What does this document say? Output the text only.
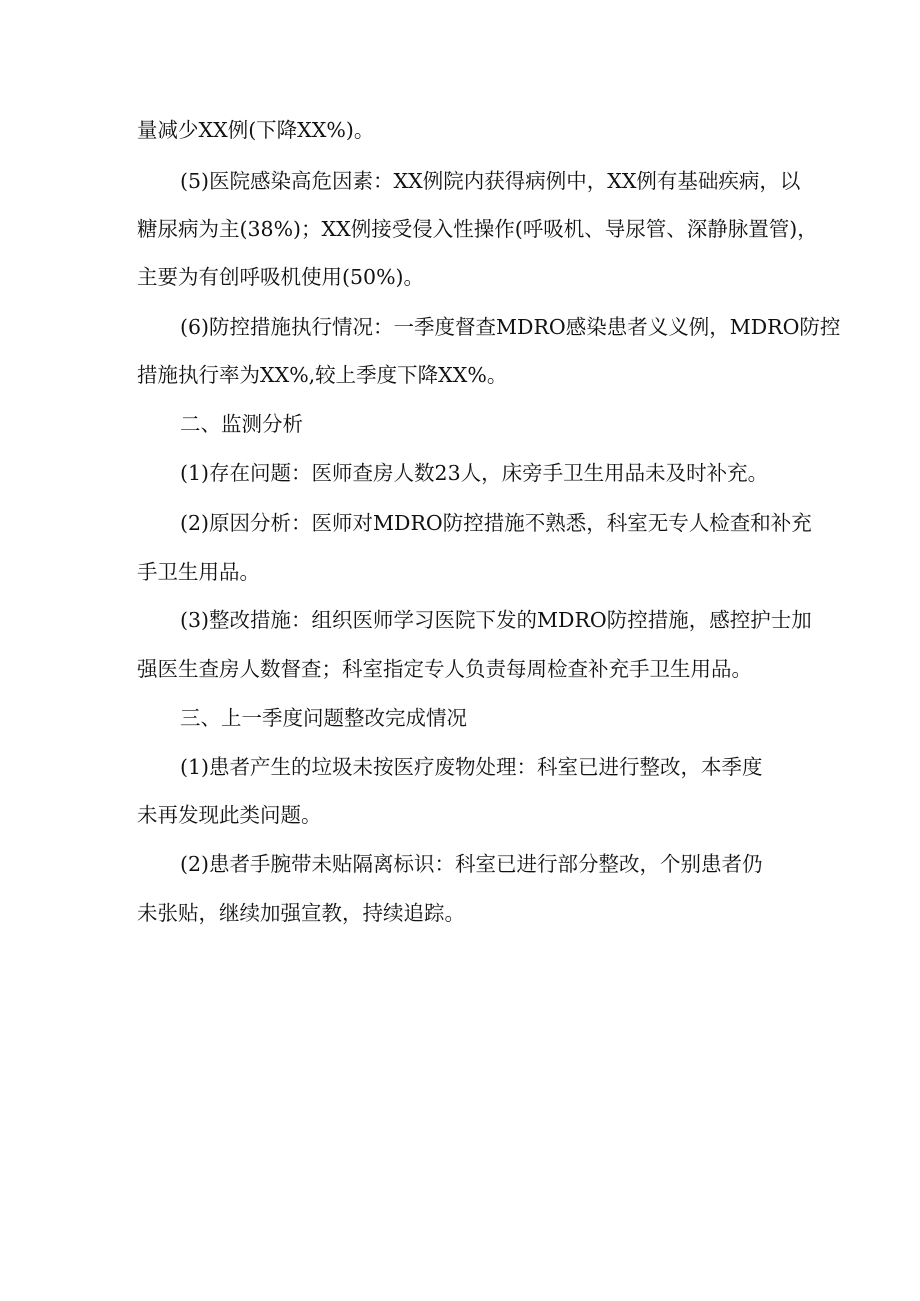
量减少XX例(下降XX%)。
(5)医院感染高危因素：XX例院内获得病例中，XX例有基础疾病，以
糖尿病为主(38%)；XX例接受侵入性操作(呼吸机、导尿管、深静脉置管)，
主要为有创呼吸机使用(50%)。
(6)防控措施执行情况：一季度督查MDRO感染患者义义例，MDRO防控
措施执行率为XX%,较上季度下降XX%。
二、监测分析
(1)存在问题：医师查房人数23人，床旁手卫生用品未及时补充。
(2)原因分析：医师对MDRO防控措施不熟悉，科室无专人检查和补充
手卫生用品。
(3)整改措施：组织医师学习医院下发的MDRO防控措施，感控护士加
强医生查房人数督查；科室指定专人负责每周检查补充手卫生用品。
三、上一季度问题整改完成情况
(1)患者产生的垃圾未按医疗废物处理：科室已进行整改，本季度
未再发现此类问题。
(2)患者手腕带未贴隔离标识：科室已进行部分整改，个别患者仍
未张贴，继续加强宣教，持续追踪。
